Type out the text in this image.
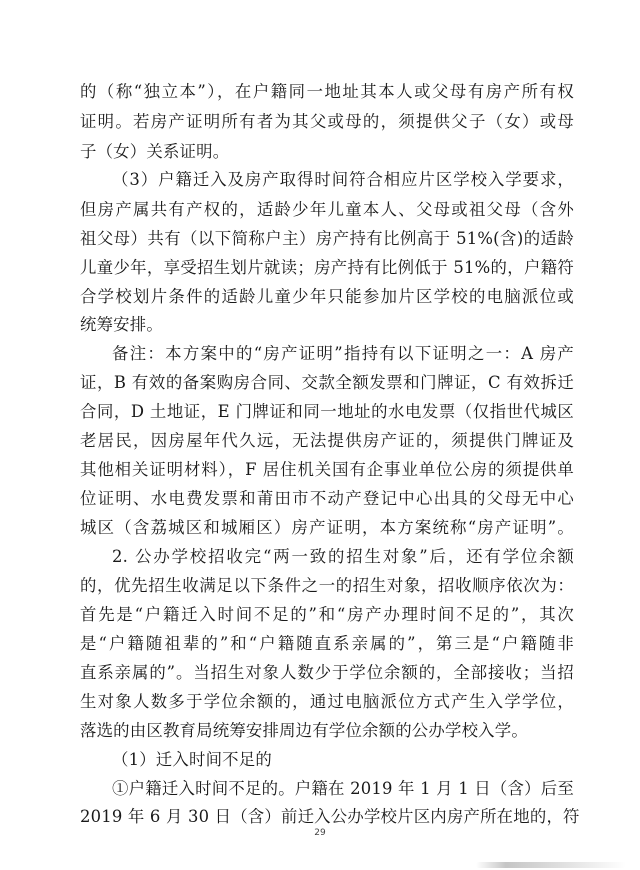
的（称“独立本”），在户籍同一地址其本人或父母有房产所有权
证明。若房产证明所有者为其父或母的，须提供父子（女）或母
子（女）关系证明。
（3）户籍迁入及房产取得时间符合相应片区学校入学要求，
但房产属共有产权的，适龄少年儿童本人、父母或祖父母（含外
祖父母）共有（以下简称户主）房产持有比例高于 51%(含)的适龄
儿童少年，享受招生划片就读；房产持有比例低于 51%的，户籍符
合学校划片条件的适龄儿童少年只能参加片区学校的电脑派位或
统筹安排。
备注：本方案中的“房产证明”指持有以下证明之一：A 房产
证，B 有效的备案购房合同、交款全额发票和门牌证，C 有效拆迁
合同，D 土地证，E 门牌证和同一地址的水电发票（仅指世代城区
老居民，因房屋年代久远，无法提供房产证的，须提供门牌证及
其他相关证明材料），F 居住机关国有企事业单位公房的须提供单
位证明、水电费发票和莆田市不动产登记中心出具的父母无中心
城区（含荔城区和城厢区）房产证明，本方案统称“房产证明”。
2. 公办学校招收完“两一致的招生对象”后，还有学位余额
的，优先招生收满足以下条件之一的招生对象，招收顺序依次为：
首先是“户籍迁入时间不足的”和“房产办理时间不足的”，其次
是“户籍随祖辈的”和“户籍随直系亲属的”，第三是“户籍随非
直系亲属的”。当招生对象人数少于学位余额的，全部接收；当招
生对象人数多于学位余额的，通过电脑派位方式产生入学学位，
落选的由区教育局统筹安排周边有学位余额的公办学校入学。
（1）迁入时间不足的
①户籍迁入时间不足的。户籍在 2019 年 1 月 1 日（含）后至
2019 年 6 月 30 日（含）前迁入公办学校片区内房产所在地的，符
29
